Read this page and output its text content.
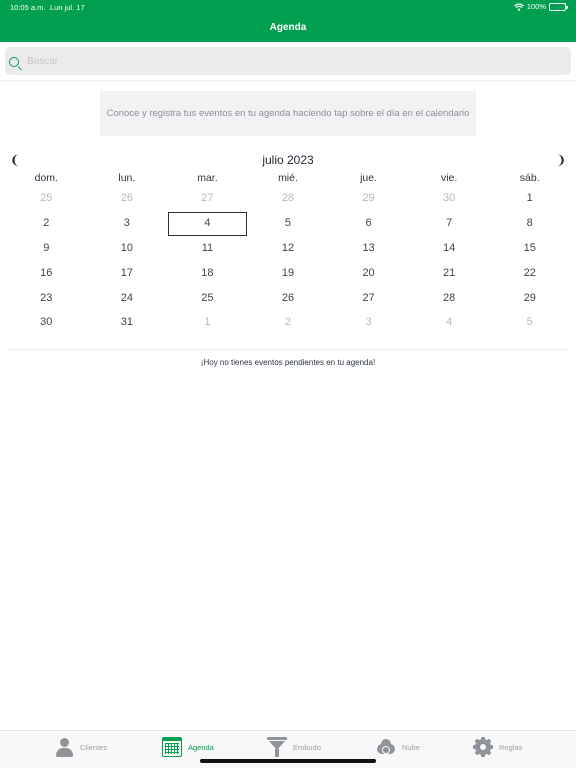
10:05 a.m. Lun jul. 17	100%
Agenda
Buscar
Conoce y registra tus eventos en tu agenda haciendo tap sobre el día en el calendario
❨	julio 2023	❩
dom.	lun.	mar.	mié.	jue.	vie.	sáb.
25	26	27	28	29	30	1
2	3	4	5	6	7	8
9	10	11	12	13	14	15
16	17	18	19	20	21	22
23	24	25	26	27	28	29
30	31	1	2	3	4	5
¡Hoy no tienes eventos pendientes en tu agenda!
Clientes	Agenda	Embudo	Nube	Reglas
